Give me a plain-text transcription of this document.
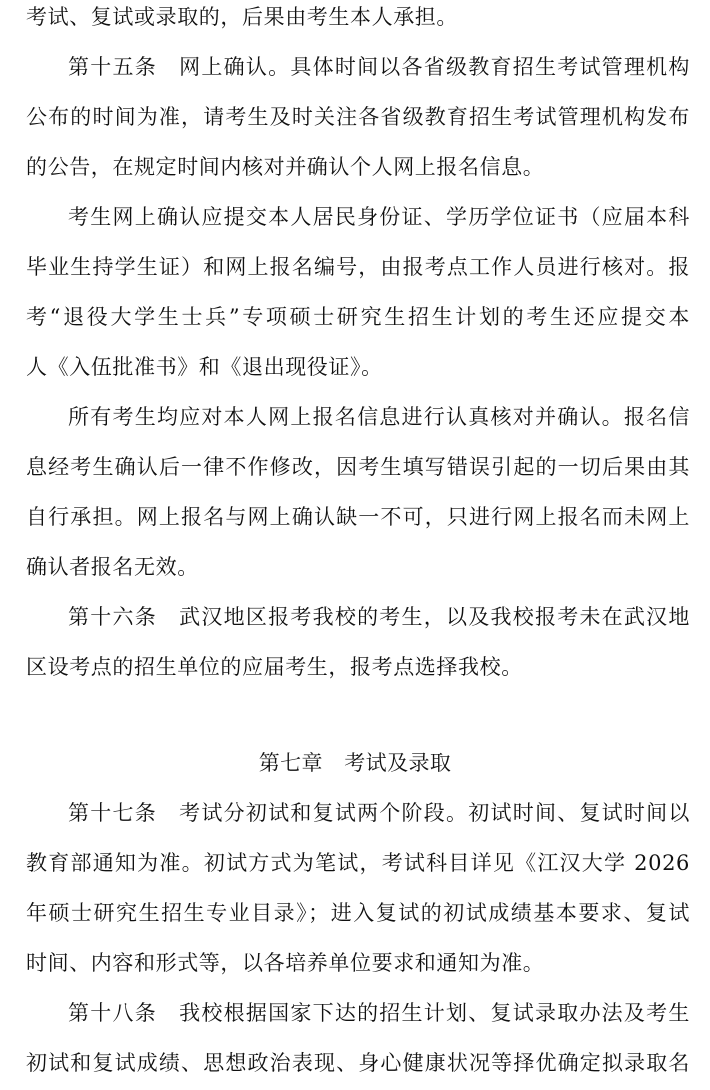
考试、复试或录取的，后果由考生本人承担。
第十五条　网上确认。具体时间以各省级教育招生考试管理机构
公布的时间为准，请考生及时关注各省级教育招生考试管理机构发布
的公告，在规定时间内核对并确认个人网上报名信息。
考生网上确认应提交本人居民身份证、学历学位证书（应届本科
毕业生持学生证）和网上报名编号，由报考点工作人员进行核对。报
考“退役大学生士兵”专项硕士研究生招生计划的考生还应提交本
人《入伍批准书》和《退出现役证》。
所有考生均应对本人网上报名信息进行认真核对并确认。报名信
息经考生确认后一律不作修改，因考生填写错误引起的一切后果由其
自行承担。网上报名与网上确认缺一不可，只进行网上报名而未网上
确认者报名无效。
第十六条　武汉地区报考我校的考生，以及我校报考未在武汉地
区设考点的招生单位的应届考生，报考点选择我校。
第七章　考试及录取
第十七条　考试分初试和复试两个阶段。初试时间、复试时间以
教育部通知为准。初试方式为笔试，考试科目详见《江汉大学 2026
年硕士研究生招生专业目录》；进入复试的初试成绩基本要求、复试
时间、内容和形式等，以各培养单位要求和通知为准。
第十八条　我校根据国家下达的招生计划、复试录取办法及考生
初试和复试成绩、思想政治表现、身心健康状况等择优确定拟录取名
